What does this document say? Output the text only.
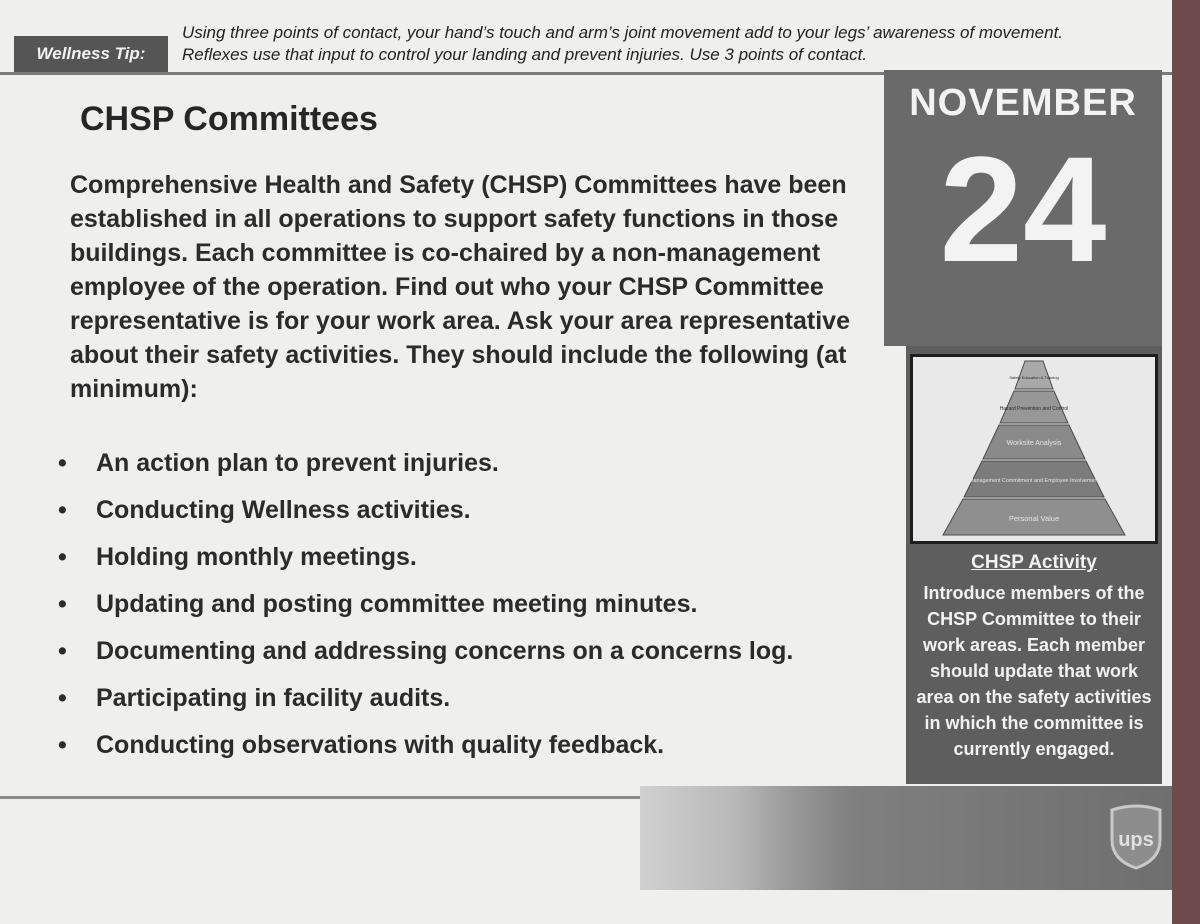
Wellness Tip:
Using three points of contact, your hand’s touch and arm’s joint movement add to your legs’ awareness of movement. Reflexes use that input to control your landing and prevent injuries. Use 3 points of contact.
CHSP Committees

Comprehensive Health and Safety (CHSP) Committees have been established in all operations to support safety functions in those buildings. Each committee is co-chaired by a non-management employee of the operation. Find out who your CHSP Committee representative is for your work area. Ask your area representative about their safety activities. They should include the following (at minimum):

•	An action plan to prevent injuries.
•	Conducting Wellness activities.
•	Holding monthly meetings.
•	Updating and posting committee meeting minutes.
•	Documenting and addressing concerns on a concerns log.
•	Participating in facility audits.
•	Conducting observations with quality feedback.
NOVEMBER
24
Safety Education & Training
Hazard Prevention and Control
Worksite Analysis
Management Commitment and Employee Involvement
Personal Value
CHSP Activity
Introduce members of the CHSP Committee to their work areas. Each member should update that work area on the safety activities in which the committee is currently engaged.
ups
